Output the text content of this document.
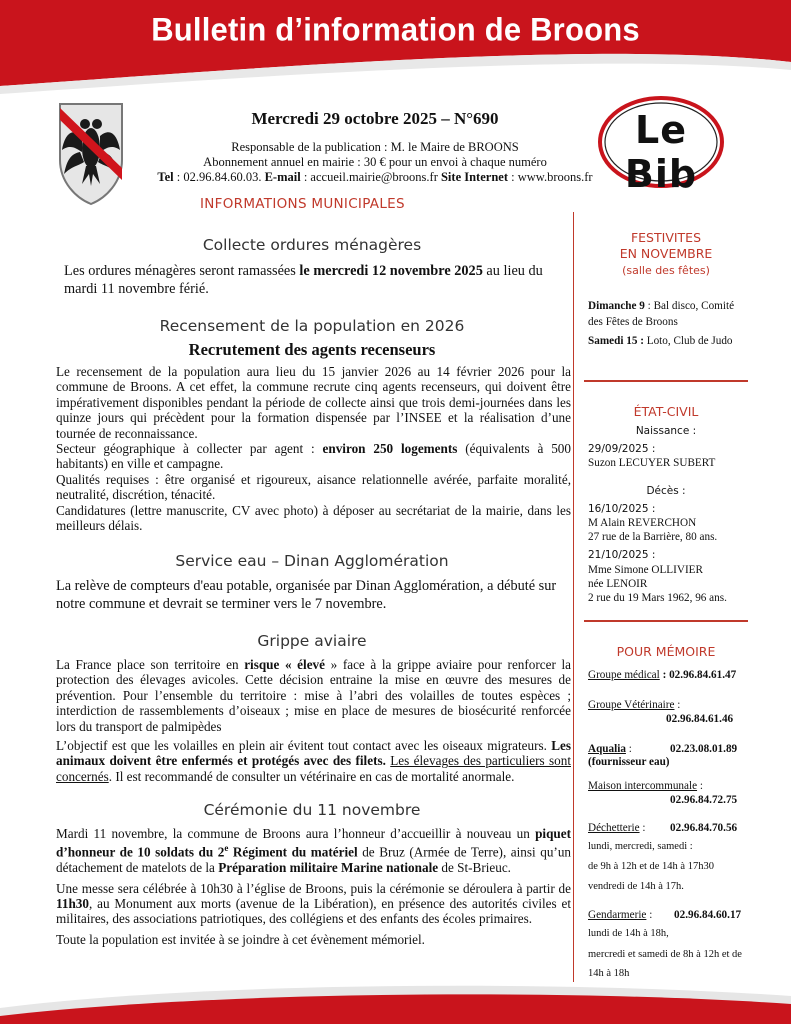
Bulletin d’information de Broons
Le Bib
Mercredi 29 octobre 2025 – N°690
Responsable de la publication : M. le Maire de BROONS
Abonnement annuel en mairie : 30 € pour un envoi à chaque numéro
Tel : 02.96.84.60.03. E-mail : accueil.mairie@broons.fr Site Internet : www.broons.fr
INFORMATIONS MUNICIPALES
Collecte ordures ménagères
Les ordures ménagères seront ramassées le mercredi 12 novembre 2025 au lieu du mardi 11 novembre férié.
Recensement de la population en 2026
Recrutement des agents recenseurs

Le recensement de la population aura lieu du 15 janvier 2026 au 14 février 2026 pour la commune de Broons. A cet effet, la commune recrute cinq agents recenseurs, qui doivent être impérativement disponibles pendant la période de collecte ainsi que trois demi-journées dans les quinze jours qui précèdent pour la formation dispensée par l’INSEE et la réalisation d’une tournée de reconnaissance.

Secteur géographique à collecter par agent : environ 250 logements (équivalents à 500 habitants) en ville et campagne.

Qualités requises : être organisé et rigoureux, aisance relationnelle avérée, parfaite moralité, neutralité, discrétion, ténacité.

Candidatures (lettre manuscrite, CV avec photo) à déposer au secrétariat de la mairie, dans les meilleurs délais.

Service eau – Dinan Agglomération
La relève de compteurs d'eau potable, organisée par Dinan Agglomération, a débuté sur notre commune et devrait se terminer vers le 7 novembre.
Grippe aviaire

La France place son territoire en risque « élevé » face à la grippe aviaire pour renforcer la protection des élevages avicoles. Cette décision entraine la mise en œuvre des mesures de prévention. Pour l’ensemble du territoire : mise à l’abri des volailles de toutes espèces ; interdiction de rassemblements d’oiseaux ; mise en place de mesures de biosécurité renforcée lors du transport de palmipèdes

L’objectif est que les volailles en plein air évitent tout contact avec les oiseaux migrateurs. Les animaux doivent être enfermés et protégés avec des filets. Les élevages des particuliers sont concernés. Il est recommandé de consulter un vétérinaire en cas de mortalité anormale.

Cérémonie du 11 novembre

Mardi 11 novembre, la commune de Broons aura l’honneur d’accueillir à nouveau un piquet d’honneur de 10 soldats du 2e Régiment du matériel de Bruz (Armée de Terre), ainsi qu’un détachement de matelots de la Préparation militaire Marine nationale de St-Brieuc.

Une messe sera célébrée à 10h30 à l’église de Broons, puis la cérémonie se déroulera à partir de 11h30, au Monument aux morts (avenue de la Libération), en présence des autorités civiles et militaires, des associations patriotiques, des collégiens et des enfants des écoles primaires.

Toute la population est invitée à se joindre à cet évènement mémoriel.

FESTIVITES
EN NOVEMBRE
(salle des fêtes)
Dimanche 9 : Bal disco, Comité des Fêtes de Broons
Samedi 15 : Loto, Club de Judo
ÉTAT-CIVIL
Naissance :
29/09/2025 :
Suzon LECUYER SUBERT
Décès :
16/10/2025 :
M Alain REVERCHON
27 rue de la Barrière, 80 ans.
21/10/2025 :
Mme Simone OLLIVIER
née LENOIR
2 rue du 19 Mars 1962, 96 ans.
POUR MÉMOIRE
Groupe médical : 02.96.84.61.47
Groupe Vétérinaire :
02.96.84.61.46
Aqualia :	02.23.08.01.89
(fournisseur eau)
Maison intercommunale :
02.96.84.72.75
Déchetterie :	02.96.84.70.56
lundi, mercredi, samedi :
de 9h à 12h et de 14h à 17h30
vendredi de 14h à 17h.
Gendarmerie :	02.96.84.60.17
lundi de 14h à 18h,
mercredi et samedi de 8h à 12h et de 14h à 18h
